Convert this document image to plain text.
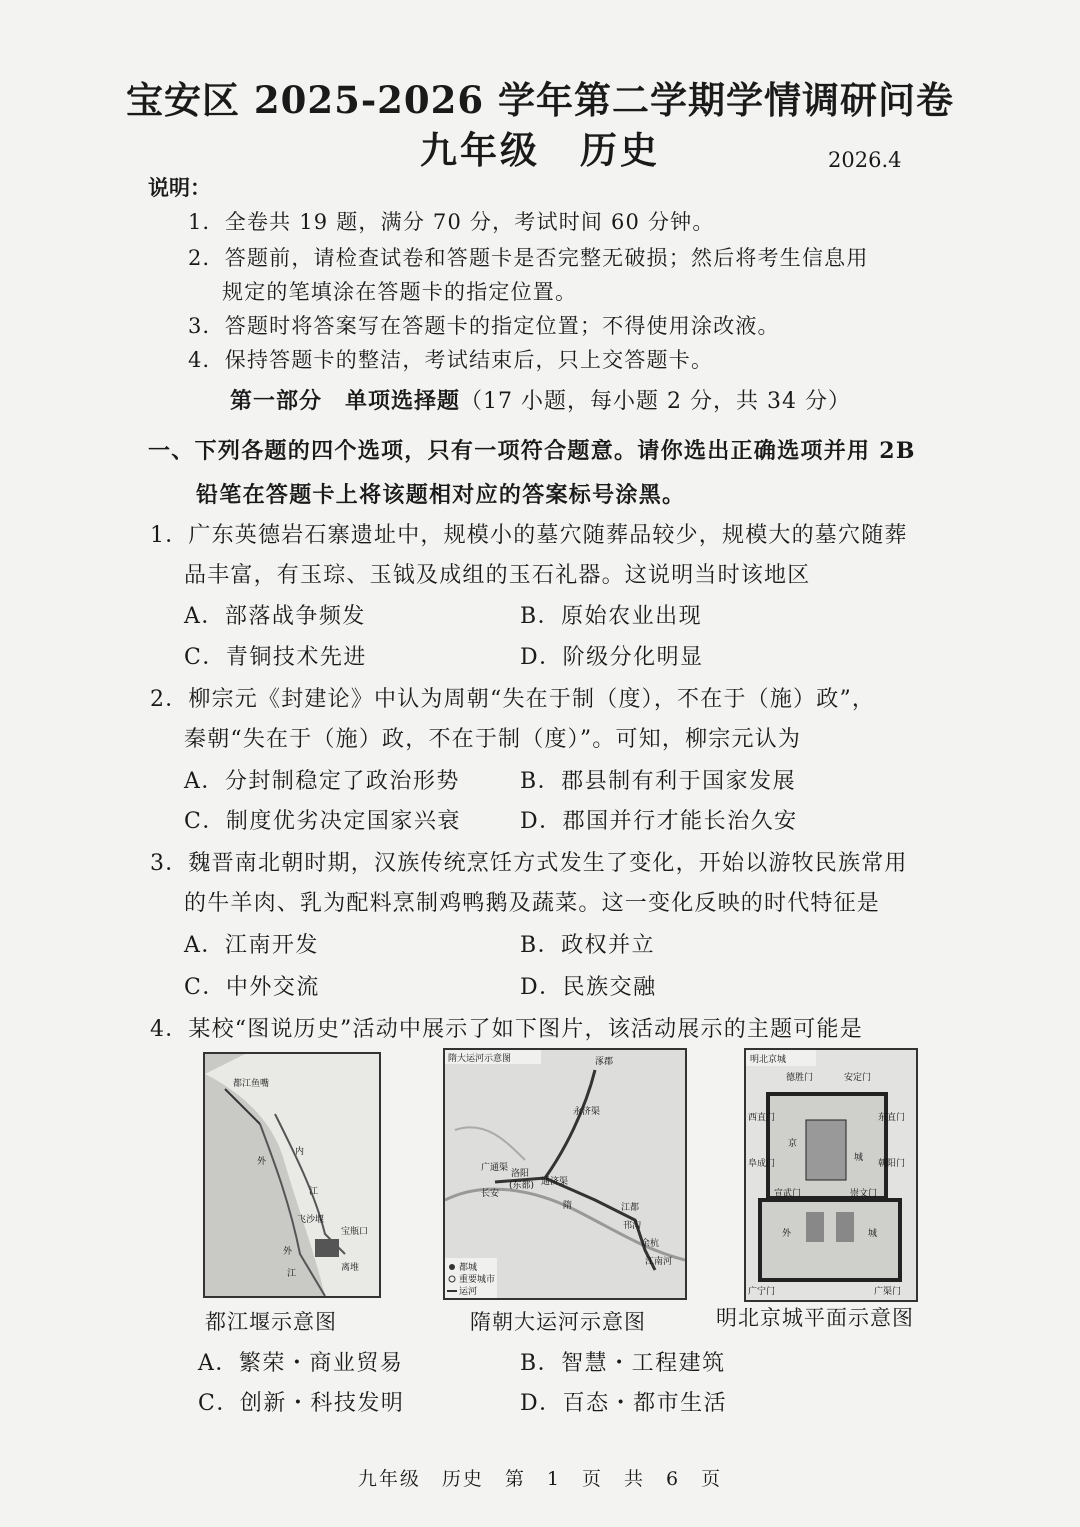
宝安区 2025-2026 学年第二学期学情调研问卷
九年级　历史	2026.4
说明：
1．全卷共 19 题，满分 70 分，考试时间 60 分钟。
2．答题前，请检查试卷和答题卡是否完整无破损；然后将考生信息用
规定的笔填涂在答题卡的指定位置。
3．答题时将答案写在答题卡的指定位置；不得使用涂改液。
4．保持答题卡的整洁，考试结束后，只上交答题卡。
第一部分　单项选择题（17 小题，每小题 2 分，共 34 分）
一、下列各题的四个选项，只有一项符合题意。请你选出正确选项并用 2B
铅笔在答题卡上将该题相对应的答案标号涂黑。
1．广东英德岩石寨遗址中，规模小的墓穴随葬品较少，规模大的墓穴随葬
品丰富，有玉琮、玉钺及成组的玉石礼器。这说明当时该地区
A．部落战争频发	B．原始农业出现
C．青铜技术先进	D．阶级分化明显
2．柳宗元《封建论》中认为周朝“失在于制（度），不在于（施）政”，
秦朝“失在于（施）政，不在于制（度）”。可知，柳宗元认为
A．分封制稳定了政治形势	B．郡县制有利于国家发展
C．制度优劣决定国家兴衰	D．郡国并行才能长治久安
3．魏晋南北朝时期，汉族传统烹饪方式发生了变化，开始以游牧民族常用
的牛羊肉、乳为配料烹制鸡鸭鹅及蔬菜。这一变化反映的时代特征是
A．江南开发	B．政权并立
C．中外交流	D．民族交融
4．某校“图说历史”活动中展示了如下图片，该活动展示的主题可能是
都江鱼嘴
外
内
江
飞沙堰
宝瓶口
离堆
外
江
都江堰示意图
隋大运河示意图	涿郡
长安
洛阳
(东都)
广通渠
永济渠
通济渠
隋	江都
余杭
邗沟
江南河
都城
重要城市
运河
隋朝大运河示意图
明北京城
德胜门	安定门
京
城
外	城
西直门	东直门
阜成门	朝阳门
宣武门	崇文门
广宁门	广渠门
明北京城平面示意图
A．繁荣・商业贸易	B．智慧・工程建筑
C．创新・科技发明	D．百态・都市生活
九年级　历史　第　1　页　共　6　页
